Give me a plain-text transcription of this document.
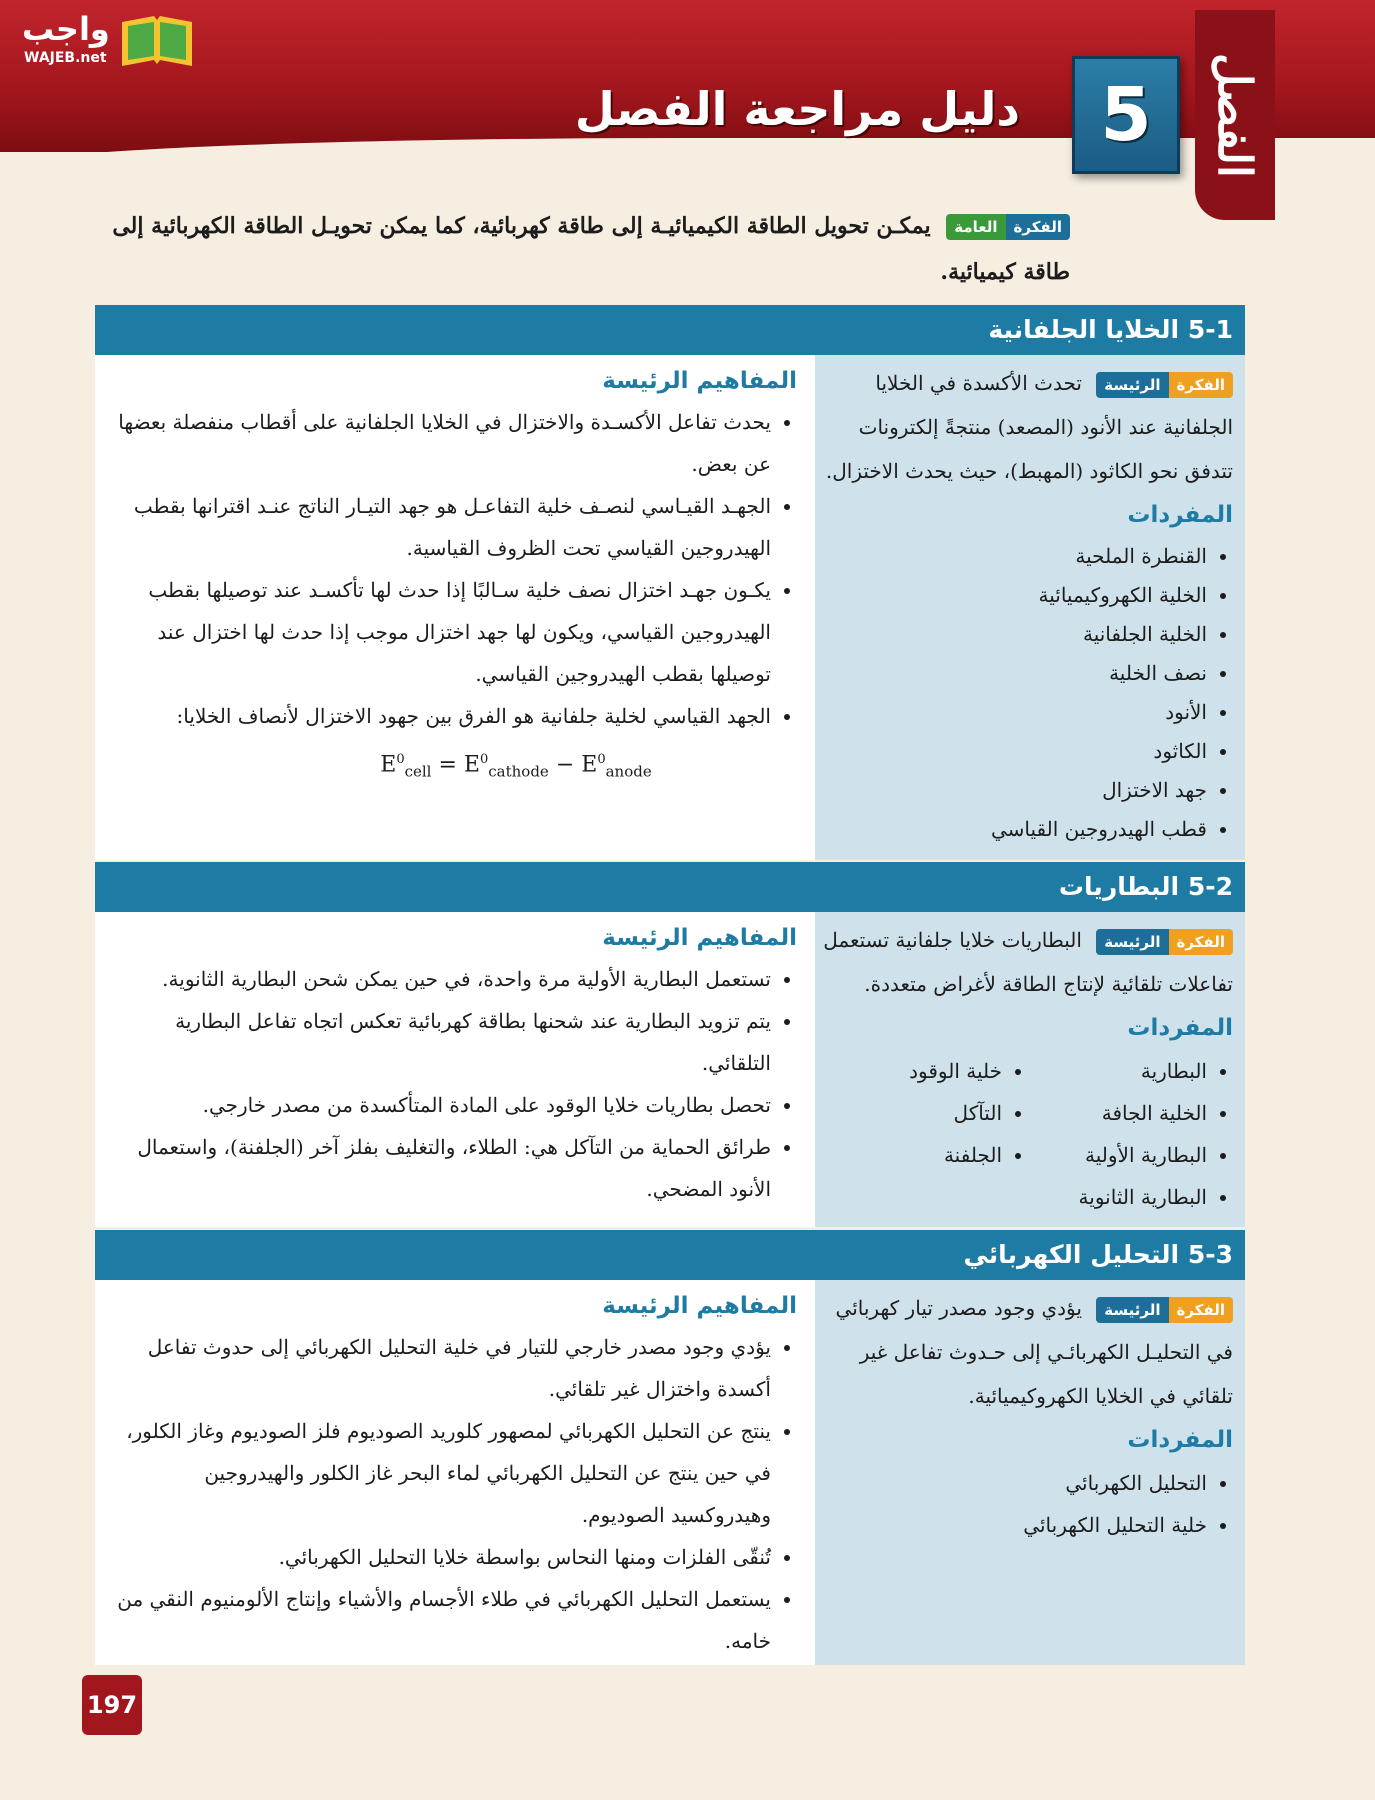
واجب
WAJEB.net
دليل مراجعة الفصل 5 الفصل
الفكرةالعامة يمكـن تحويل الطاقة الكيميائيـة إلى طاقة كهربائية، كما يمكن تحويـل الطاقة الكهربائية إلى طاقة كيميائية.
5-1 الخلايا الجلفانية
الفكرةالرئيسة تحدث الأكسدة في الخلايا الجلفانية عند الأنود (المصعد) منتجةً إلكترونات تتدفق نحو الكاثود (المهبط)، حيث يحدث الاختزال.
المفردات
• القنطرة الملحية
• الخلية الكهروكيميائية
• الخلية الجلفانية
• نصف الخلية
• الأنود
• الكاثود
• جهد الاختزال
• قطب الهيدروجين القياسي
المفاهيم الرئيسة
• يحدث تفاعل الأكسـدة والاختزال في الخلايا الجلفانية على أقطاب منفصلة بعضها عن بعض.
• الجهـد القيـاسي لنصـف خلية التفاعـل هو جهد التيـار الناتج عنـد اقترانها بقطب الهيدروجين القياسي تحت الظروف القياسية.
• يكـون جهـد اختزال نصف خلية سـالبًا إذا حدث لها تأكسـد عند توصيلها بقطب الهيدروجين القياسي، ويكون لها جهد اختزال موجب إذا حدث لها اختزال عند توصيلها بقطب الهيدروجين القياسي.
• الجهد القياسي لخلية جلفانية هو الفرق بين جهود الاختزال لأنصاف الخلايا:
$E^0_{cell} = E^0_{cathode} - E^0_{anode}$
5-2 البطاريات
الفكرةالرئيسة البطاريات خلايا جلفانية تستعمل تفاعلات تلقائية لإنتاج الطاقة لأغراض متعددة.
المفردات
• البطارية
• الخلية الجافة
• البطارية الأولية
• البطارية الثانوية
• خلية الوقود
• التآكل
• الجلفنة
المفاهيم الرئيسة
• تستعمل البطارية الأولية مرة واحدة، في حين يمكن شحن البطارية الثانوية.
• يتم تزويد البطارية عند شحنها بطاقة كهربائية تعكس اتجاه تفاعل البطارية التلقائي.
• تحصل بطاريات خلايا الوقود على المادة المتأكسدة من مصدر خارجي.
• طرائق الحماية من التآكل هي: الطلاء، والتغليف بفلز آخر (الجلفنة)، واستعمال الأنود المضحي.
5-3 التحليل الكهربائي
الفكرةالرئيسة يؤدي وجود مصدر تيار كهربائي في التحليـل الكهربائـي إلى حـدوث تفاعل غير تلقائي في الخلايا الكهروكيميائية.
المفردات
• التحليل الكهربائي
• خلية التحليل الكهربائي
المفاهيم الرئيسة
• يؤدي وجود مصدر خارجي للتيار في خلية التحليل الكهربائي إلى حدوث تفاعل أكسدة واختزال غير تلقائي.
• ينتج عن التحليل الكهربائي لمصهور كلوريد الصوديوم فلز الصوديوم وغاز الكلور، في حين ينتج عن التحليل الكهربائي لماء البحر غاز الكلور والهيدروجين وهيدروكسيد الصوديوم.
• تُنقّى الفلزات ومنها النحاس بواسطة خلايا التحليل الكهربائي.
• يستعمل التحليل الكهربائي في طلاء الأجسام والأشياء وإنتاج الألومنيوم النقي من خامه.
197
